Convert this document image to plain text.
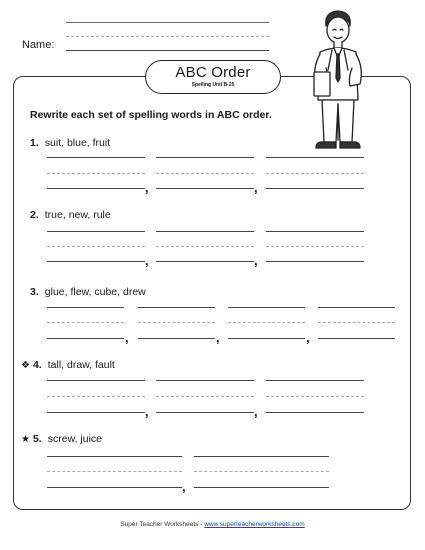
Name:
ABC Order
Spelling Unit B-25
Rewrite each set of spelling words in ABC order.
1. suit, blue, fruit
,	,
2. true, new, rule
,	,
3. glue, flew, cube, drew
,	,	,
❖ 4. tall, draw, fault
,	,
★ 5. screw, juice
,
Super Teacher Worksheets - www.superteacherworksheets.com
